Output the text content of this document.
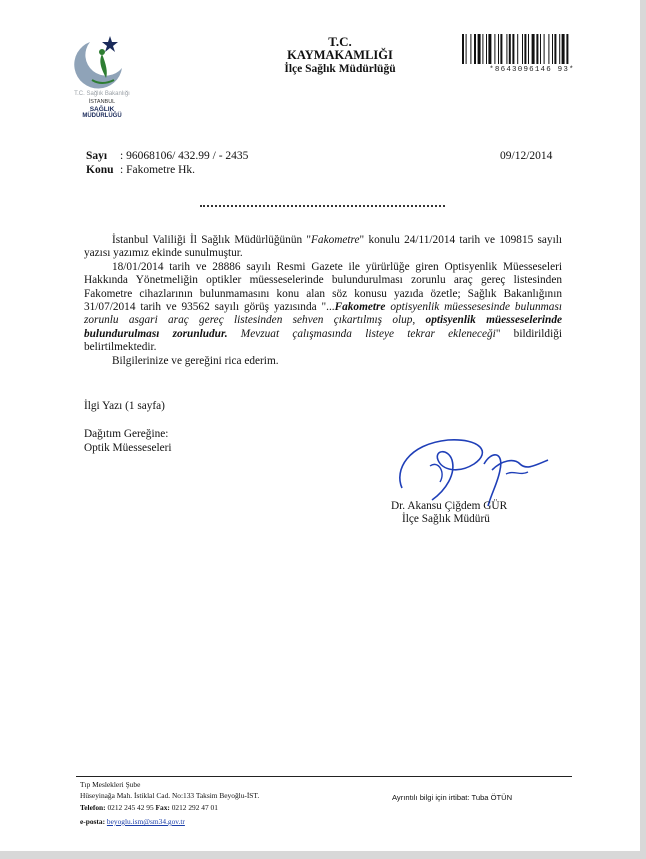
T.C. Sağlık Bakanlığı
İSTANBUL
SAĞLIK
MÜDÜRLÜĞÜ
T.C.
KAYMAKAMLIĞI
İlçe Sağlık Müdürlüğü	*8643096146 93*
Sayı : 96068106/ 432.99 / - 2435
Konu : Fakometre Hk.
09/12/2014

İstanbul Valiliği İl Sağlık Müdürlüğünün "Fakometre" konulu 24/11/2014 tarih ve 109815 sayılı yazısı yazımız ekinde sunulmuştur.

18/01/2014 tarih ve 28886 sayılı Resmi Gazete ile yürürlüğe giren Optisyenlik Müesseseleri Hakkında Yönetmeliğin optikler müesseselerinde bulundurulması zorunlu araç gereç listesinden Fakometre cihazlarının bulunmamasını konu alan söz konusu yazıda özetle; Sağlık Bakanlığının 31/07/2014 tarih ve 93562 sayılı görüş yazısında "...Fakometre optisyenlik müessesesinde bulunması zorunlu asgari araç gereç listesinden sehven çıkartılmış olup, optisyenlik müesseselerinde bulundurulması zorunludur. Mevzuat çalışmasında listeye tekrar ekleneceği" bildirildiği belirtilmektedir.

Bilgilerinize ve gereğini rica ederim.

İlgi Yazı (1 sayfa)
Dağıtım Gereğine:
Optik Müesseseleri
Dr. Akansu Çiğdem GÜR
İlçe Sağlık Müdürü
Tıp Meslekleri Şube
Hüseyinağa Mah. İstiklal Cad. No:133 Taksim Beyoğlu-İST.
Telefon: 0212 245 42 95 Fax: 0212 292 47 01
e-posta: beyoglu.ism@sm34.gov.tr
Ayrıntılı bilgi için irtibat: Tuba ÖTÜN
